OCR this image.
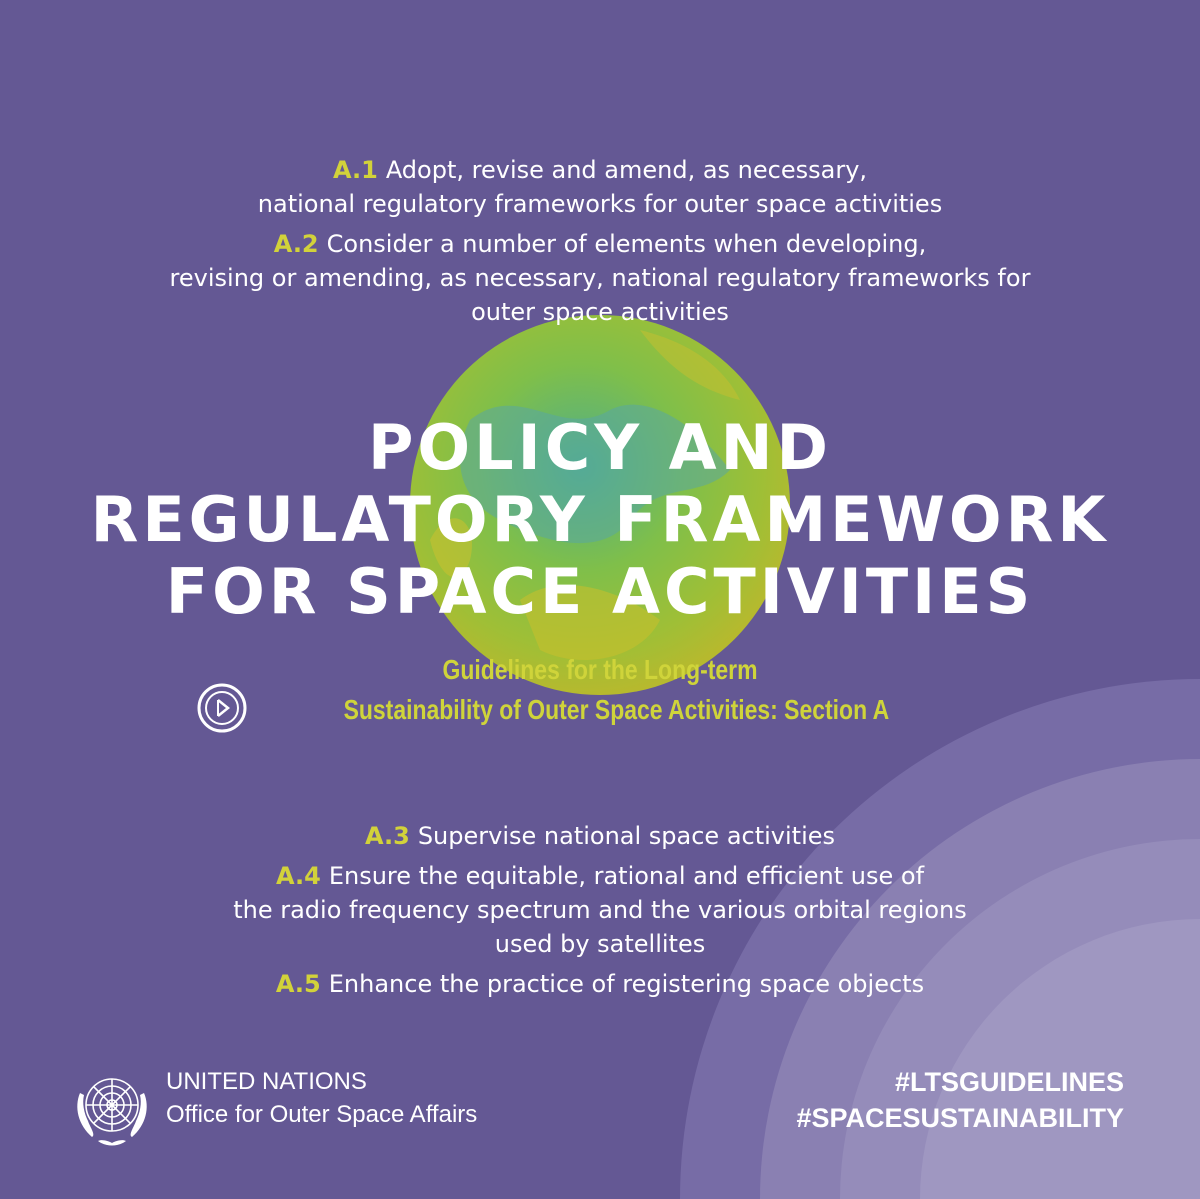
A.1 Adopt, revise and amend, as necessary,
national regulatory frameworks for outer space activities

A.2 Consider a number of elements when developing,
revising or amending, as necessary, national regulatory frameworks for
outer space activities

POLICY AND
REGULATORY FRAMEWORK
FOR SPACE ACTIVITIES
Guidelines for the Long-term
Sustainability of Outer Space Activities: Section A

A.3 Supervise national space activities

A.4 Ensure the equitable, rational and efficient use of
the radio frequency spectrum and the various orbital regions
used by satellites

A.5 Enhance the practice of registering space objects

UNITED NATIONS
Office for Outer Space Affairs
#LTSGUIDELINES
#SPACESUSTAINABILITY
